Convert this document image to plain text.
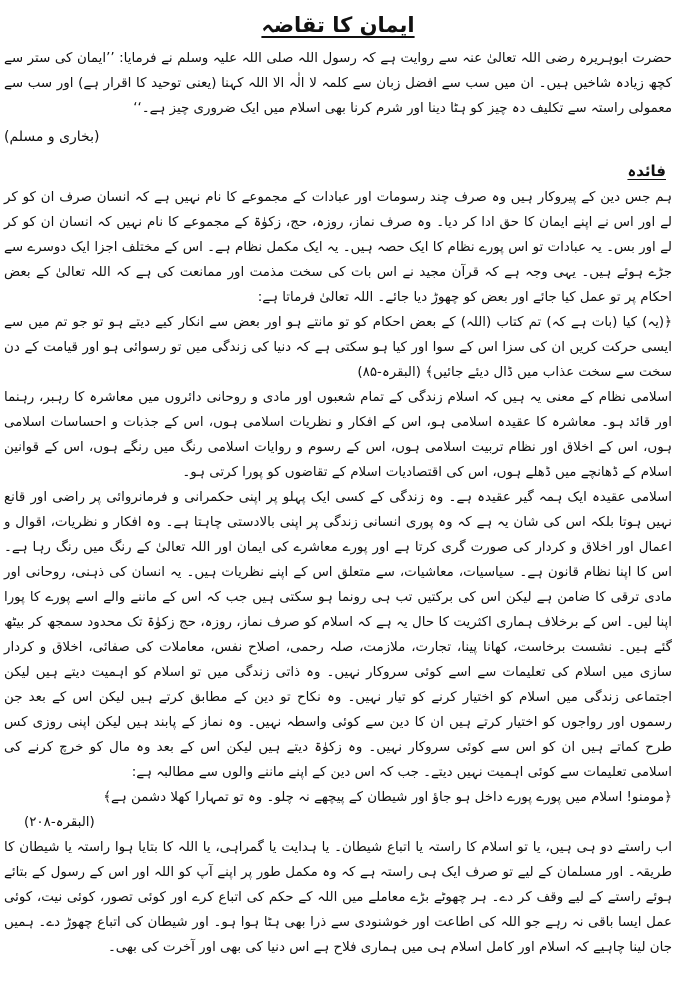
ایمان کا تقاضہ

حضرت ابوہریرہ رضی اللہ تعالیٰ عنہ سے روایت ہے کہ رسول اللہ صلی اللہ علیہ وسلم نے فرمایا: ’’ایمان کی ستر سے کچھ زیادہ شاخیں ہیں۔ ان میں سب سے افضل زبان سے کلمہ لا الٰہ الا اللہ کہنا (یعنی توحید کا اقرار ہے) اور سب سے معمولی راستہ سے تکلیف دہ چیز کو ہٹا دینا اور شرم کرنا بھی اسلام میں ایک ضروری چیز ہے۔‘‘

(بخاری و مسلم)
فائدہ

ہم جس دین کے پیروکار ہیں وہ صرف چند رسومات اور عبادات کے مجموعے کا نام نہیں ہے کہ انسان صرف ان کو کر لے اور اس نے اپنے ایمان کا حق ادا کر دیا۔ وہ صرف نماز، روزہ، حج، زکوٰۃ کے مجموعے کا نام نہیں کہ انسان ان کو کر لے اور بس۔ یہ عبادات تو اس پورے نظام کا ایک حصہ ہیں۔ یہ ایک مکمل نظام ہے۔ اس کے مختلف اجزا ایک دوسرے سے جڑے ہوئے ہیں۔ یہی وجہ ہے کہ قرآن مجید نے اس بات کی سخت مذمت اور ممانعت کی ہے کہ اللہ تعالیٰ کے بعض احکام پر تو عمل کیا جائے اور بعض کو چھوڑ دیا جائے۔ اللہ تعالیٰ فرماتا ہے:

﴿(یہ) کیا (بات ہے کہ) تم کتاب (اللہ) کے بعض احکام کو تو مانتے ہو اور بعض سے انکار کیے دیتے ہو تو جو تم میں سے ایسی حرکت کریں ان کی سزا اس کے سوا اور کیا ہو سکتی ہے کہ دنیا کی زندگی میں تو رسوائی ہو اور قیامت کے دن سخت سے سخت عذاب میں ڈال دیئے جائیں﴾ (البقرہ-۸۵)

اسلامی نظام کے معنی یہ ہیں کہ اسلام زندگی کے تمام شعبوں اور مادی و روحانی دائروں میں معاشرہ کا رہبر، رہنما اور قائد ہو۔ معاشرہ کا عقیدہ اسلامی ہو، اس کے افکار و نظریات اسلامی ہوں، اس کے جذبات و احساسات اسلامی ہوں، اس کے اخلاق اور نظام تربیت اسلامی ہوں، اس کے رسوم و روایات اسلامی رنگ میں رنگے ہوں، اس کے قوانین اسلام کے ڈھانچے میں ڈھلے ہوں، اس کی اقتصادیات اسلام کے تقاضوں کو پورا کرتی ہو۔

اسلامی عقیدہ ایک ہمہ گیر عقیدہ ہے۔ وہ زندگی کے کسی ایک پہلو پر اپنی حکمرانی و فرمانروائی پر راضی اور قانع نہیں ہوتا بلکہ اس کی شان یہ ہے کہ وہ پوری انسانی زندگی پر اپنی بالادستی چاہتا ہے۔ وہ افکار و نظریات، اقوال و اعمال اور اخلاق و کردار کی صورت گری کرتا ہے اور پورے معاشرے کی ایمان اور اللہ تعالیٰ کے رنگ میں رنگ رہا ہے۔ اس کا اپنا نظام قانون ہے۔ سیاسیات، معاشیات، سے متعلق اس کے اپنے نظریات ہیں۔ یہ انسان کی ذہنی، روحانی اور مادی ترقی کا ضامن ہے لیکن اس کی برکتیں تب ہی رونما ہو سکتی ہیں جب کہ اس کے ماننے والے اسے پورے کا پورا اپنا لیں۔ اس کے برخلاف ہماری اکثریت کا حال یہ ہے کہ اسلام کو صرف نماز، روزہ، حج زکوٰۃ تک محدود سمجھ کر بیٹھ گئے ہیں۔ نشست برخاست، کھانا پینا، تجارت، ملازمت، صلہ رحمی، اصلاح نفس، معاملات کی صفائی، اخلاق و کردار سازی میں اسلام کی تعلیمات سے اسے کوئی سروکار نہیں۔ وہ ذاتی زندگی میں تو اسلام کو اہمیت دیتے ہیں لیکن اجتماعی زندگی میں اسلام کو اختیار کرنے کو تیار نہیں۔ وہ نکاح تو دین کے مطابق کرتے ہیں لیکن اس کے بعد جن رسموں اور رواجوں کو اختیار کرتے ہیں ان کا دین سے کوئی واسطہ نہیں۔ وہ نماز کے پابند ہیں لیکن اپنی روزی کس طرح کماتے ہیں ان کو اس سے کوئی سروکار نہیں۔ وہ زکوٰۃ دیتے ہیں لیکن اس کے بعد وہ مال کو خرچ کرنے کی اسلامی تعلیمات سے کوئی اہمیت نہیں دیتے۔ جب کہ اس دین کے اپنے ماننے والوں سے مطالبہ ہے:

﴿مومنو! اسلام میں پورے پورے داخل ہو جاؤ اور شیطان کے پیچھے نہ چلو۔ وہ تو تمہارا کھلا دشمن ہے﴾

(البقرہ-۲۰۸)

اب راستے دو ہی ہیں، یا تو اسلام کا راستہ یا اتباع شیطان۔ یا ہدایت یا گمراہی، یا اللہ کا بتایا ہوا راستہ یا شیطان کا طریقہ۔ اور مسلمان کے لیے تو صرف ایک ہی راستہ ہے کہ وہ مکمل طور پر اپنے آپ کو اللہ اور اس کے رسول کے بتائے ہوئے راستے کے لیے وقف کر دے۔ ہر چھوٹے بڑے معاملے میں اللہ کے حکم کی اتباع کرے اور کوئی تصور، کوئی نیت، کوئی عمل ایسا باقی نہ رہے جو اللہ کی اطاعت اور خوشنودی سے ذرا بھی ہٹا ہوا ہو۔ اور شیطان کی اتباع چھوڑ دے۔ ہمیں جان لینا چاہیے کہ اسلام اور کامل اسلام ہی میں ہماری فلاح ہے اس دنیا کی بھی اور آخرت کی بھی۔
